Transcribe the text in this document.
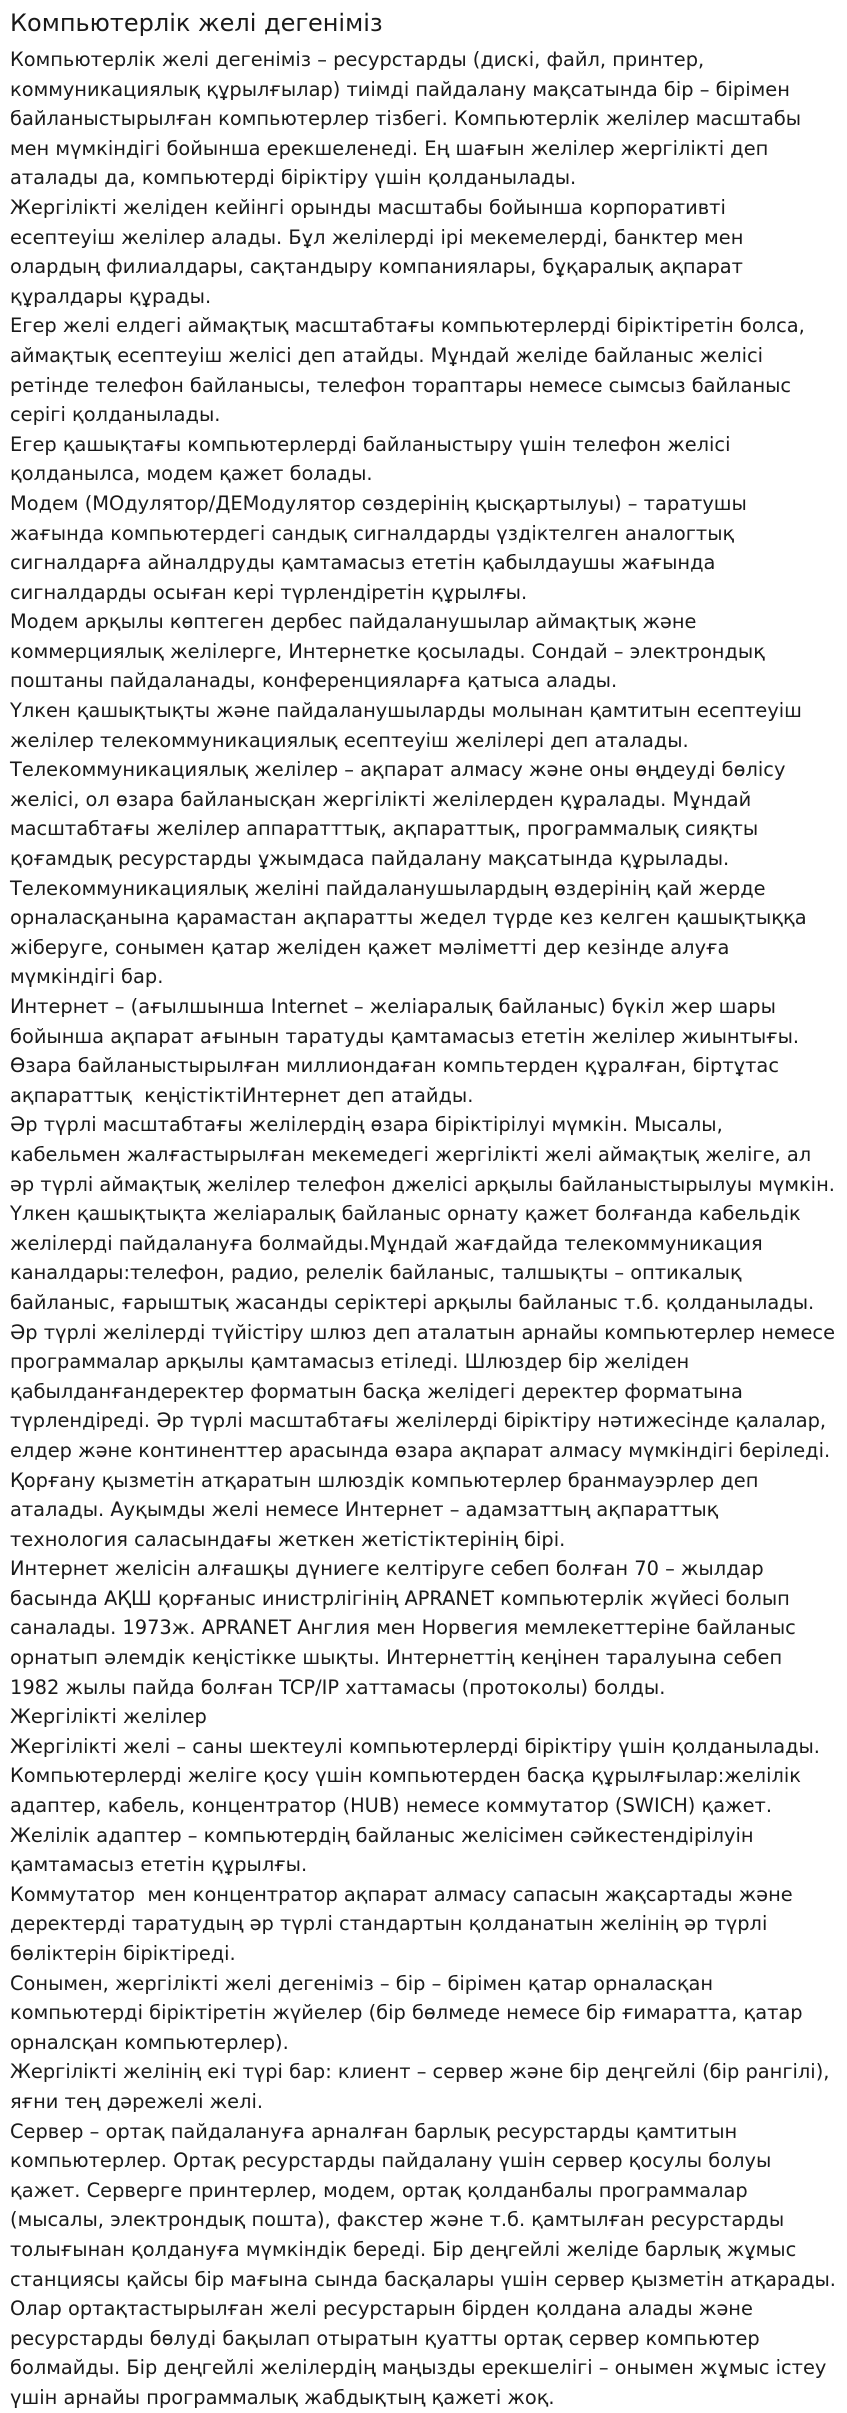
Компьютерлік желі дегеніміз

Компьютерлік желі дегеніміз – ресурстарды (дискі, файл, принтер, коммуникациялық құрылғылар) тиімді пайдалану мақсатында бір – бірімен байланыстырылған компьютерлер тізбегі. Компьютерлік желілер масштабы мен мүмкіндігі бойынша ерекшеленеді. Ең шағын желілер жергілікті деп аталады да, компьютерді біріктіру үшін қолданылады.

Жергілікті желіден кейінгі орынды масштабы бойынша корпоративті есептеуіш желілер алады. Бұл желілерді ірі мекемелерді, банктер мен олардың филиалдары, сақтандыру компаниялары, бұқаралық ақпарат құралдары құрады.

Егер желі елдегі аймақтық масштабтағы компьютерлерді біріктіретін болса, аймақтық есептеуіш желісі деп атайды. Мұндай желіде байланыс желісі ретінде телефон байланысы, телефон тораптары немесе сымсыз байланыс серігі қолданылады.

Егер қашықтағы компьютерлерді байланыстыру үшін телефон желісі қолданылса, модем қажет болады.

Модем (МОдулятор/ДЕМодулятор сөздерінің қысқартылуы) – таратушы жағында компьютердегі сандық сигналдарды үздіктелген аналогтық сигналдарға айналдруды қамтамасыз ететін қабылдаушы жағында сигналдарды осыған кері түрлендіретін құрылғы.

Модем арқылы көптеген дербес пайдаланушылар аймақтық және коммерциялық желілерге, Интернетке қосылады. Сондай – электрондық поштаны пайдаланады, конференцияларға қатыса алады.

Үлкен қашықтықты және пайдаланушыларды молынан қамтитын есептеуіш желілер телекоммуникациялық есептеуіш желілері деп аталады.

Телекоммуникациялық желілер – ақпарат алмасу және оны өңдеуді бөлісу желісі, ол өзара байланысқан жергілікті желілерден құралады. Мұндай масштабтағы желілер аппаратттық, ақпараттық, программалық сияқты қоғамдық ресурстарды ұжымдаса пайдалану мақсатында құрылады.

Телекоммуникациялық желіні пайдаланушылардың өздерінің қай жерде орналасқанына қарамастан ақпаратты жедел түрде кез келген қашықтыққа жіберуге, сонымен қатар желіден қажет мәліметті дер кезінде алуға мүмкіндігі бар.

Интернет – (ағылшынша Internet – желіаралық байланыс) бүкіл жер шары бойынша ақпарат ағынын таратуды қамтамасыз ететін желілер жиынтығы.

Өзара байланыстырылған миллиондаған компьтерден құралған, біртұтас ақпараттық  кеңістіктіИнтернет деп атайды.

Әр түрлі масштабтағы желілердің өзара біріктірілуі мүмкін. Мысалы, кабельмен жалғастырылған мекемедегі жергілікті желі аймақтық желіге, ал әр түрлі аймақтық желілер телефон джелісі арқылы байланыстырылуы мүмкін. Үлкен қашықтықта желіаралық байланыс орнату қажет болғанда кабельдік желілерді пайдалануға болмайды.Мұндай жағдайда телекоммуникация каналдары:телефон, радио, релелік байланыс, талшықты – оптикалық байланыс, ғарыштық жасанды серіктері арқылы байланыс т.б. қолданылады.

Әр түрлі желілерді түйістіру шлюз деп аталатын арнайы компьютерлер немесе программалар арқылы қамтамасыз етіледі. Шлюздер бір желіден қабылданғандеректер форматын басқа желідегі деректер форматына түрлендіреді. Әр түрлі масштабтағы желілерді біріктіру нәтижесінде қалалар, елдер және континенттер арасында өзара ақпарат алмасу мүмкіндігі беріледі. Қорғану қызметін атқаратын шлюздік компьютерлер бранмауэрлер деп аталады. Ауқымды желі немесе Интернет – адамзаттың ақпараттық технология саласындағы жеткен жетістіктерінің бірі.

Интернет желісін алғашқы дүниеге келтіруге себеп болған 70 – жылдар басында АҚШ қорғаныс инистрлігінің APRANET компьютерлік жүйесі болып саналады. 1973ж. APRANET Англия мен Норвегия мемлекеттеріне байланыс орнатып әлемдік кеңістікке шықты. Интернеттің кеңінен таралуына себеп 1982 жылы пайда болған TCP/IP хаттамасы (протоколы) болды.

Жергілікті желілер

Жергілікті желі – саны шектеулі компьютерлерді біріктіру үшін қолданылады. Компьютерлерді желіге қосу үшін компьютерден басқа құрылғылар:желілік адаптер, кабель, концентратор (HUB) немесе коммутатор (SWICH) қажет.

Желілік адаптер – компьютердің байланыс желісімен сәйкестендірілуін қамтамасыз ететін құрылғы.

Коммутатор  мен концентратор ақпарат алмасу сапасын жақсартады және деректерді таратудың әр түрлі стандартын қолданатын желінің әр түрлі бөліктерін біріктіреді.

Сонымен, жергілікті желі дегеніміз – бір – бірімен қатар орналасқан компьютерді біріктіретін жүйелер (бір бөлмеде немесе бір ғимаратта, қатар орналсқан компьютерлер).

Жергілікті желінің екі түрі бар: клиент – сервер және бір деңгейлі (бір рангілі), яғни тең дәрежелі желі.

Сервер – ортақ пайдалануға арналған барлық ресурстарды қамтитын компьютерлер. Ортақ ресурстарды пайдалану үшін сервер қосулы болуы қажет. Серверге принтерлер, модем, ортақ қолданбалы программалар (мысалы, электрондық пошта), факстер және т.б. қамтылған ресурстарды толығынан қолдануға мүмкіндік береді. Бір деңгейлі желіде барлық жұмыс станциясы қайсы бір мағына сында басқалары үшін сервер қызметін атқарады. Олар ортақтастырылған желі ресурстарын бірден қолдана алады және ресурстарды бөлуді бақылап отыратын қуатты ортақ сервер компьютер болмайды. Бір деңгейлі желілердің маңызды ерекшелігі – онымен жұмыс істеу үшін арнайы программалық жабдықтың қажеті жоқ.
